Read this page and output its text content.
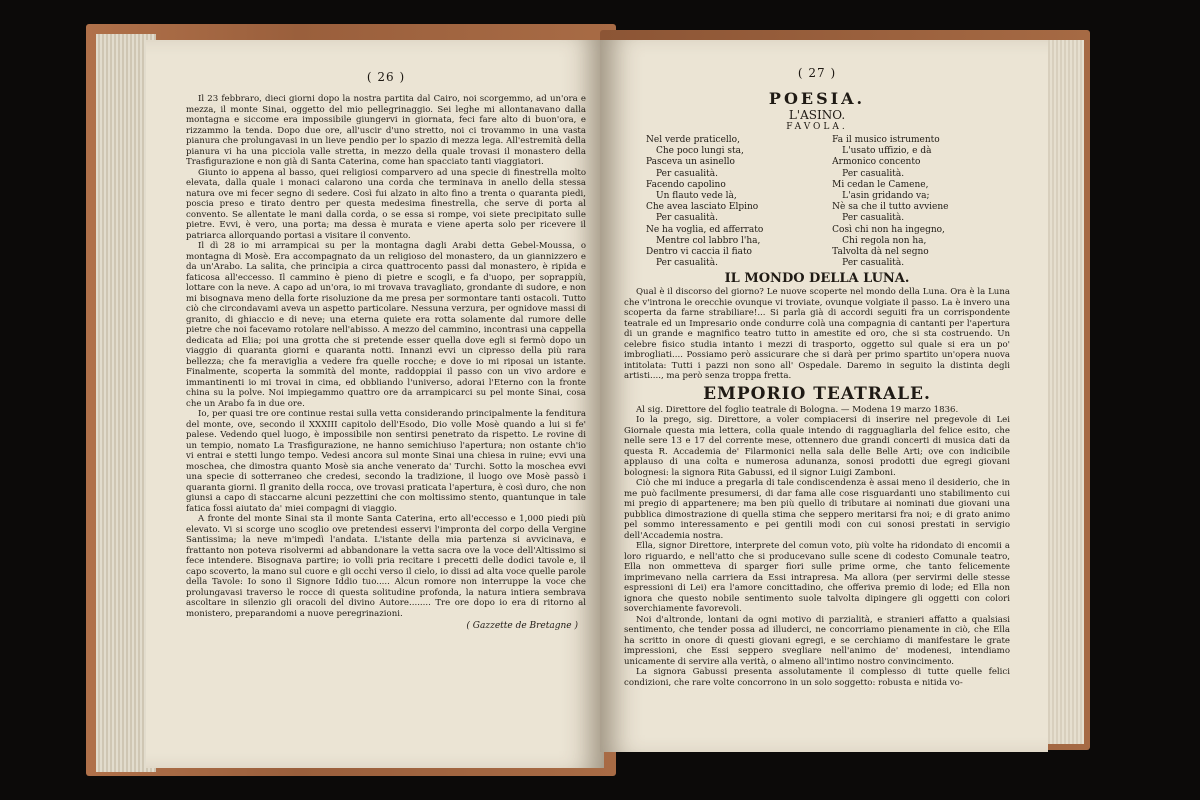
( 26 )

Il 23 febbraro, dieci giorni dopo la nostra partita dal Cairo, noi scorgemmo, ad un'ora e mezza, il monte Sinai, oggetto del mio pellegrinaggio. Sei leghe mi allontanavano dalla montagna e siccome era impossibile giungervi in giornata, feci fare alto di buon'ora, e rizzammo la tenda. Dopo due ore, all'uscir d'uno stretto, noi ci trovammo in una vasta pianura che prolungavasi in un lieve pendio per lo spazio di mezza lega. All'estremità della pianura vi ha una picciola valle stretta, in mezzo della quale trovasi il monastero della Trasfigurazione e non già di Santa Caterina, come han spacciato tanti viaggiatori.

Giunto io appena al basso, quei religiosi comparvero ad una specie di finestrella molto elevata, dalla quale i monaci calarono una corda che terminava in anello della stessa natura ove mi fecer segno di sedere. Così fui alzato in alto fino a trenta o quaranta piedi, poscia preso e tirato dentro per questa medesima finestrella, che serve di porta al convento. Se allentate le mani dalla corda, o se essa si rompe, voi siete precipitato sulle pietre. Evvi, è vero, una porta; ma dessa è murata e viene aperta solo per ricevere il patriarca allorquando portasi a visitare il convento.

Il dì 28 io mi arrampicai su per la montagna dagli Arabi detta Gebel-Moussa, o montagna di Mosè. Era accompagnato da un religioso del monastero, da un giannizzero e da un'Arabo. La salita, che principia a circa quattrocento passi dal monastero, è ripida e faticosa all'eccesso. Il cammino è pieno di pietre e scogli, e fa d'uopo, per soprappiù, lottare con la neve. A capo ad un'ora, io mi trovava travagliato, grondante di sudore, e non mi bisognava meno della forte risoluzione da me presa per sormontare tanti ostacoli. Tutto ciò che circondavami aveva un aspetto particolare. Nessuna verzura, per ognidove massi di granito, di ghiaccio e di neve; una eterna quiete era rotta solamente dal rumore delle pietre che noi facevamo rotolare nell'abisso. A mezzo del cammino, incontrasi una cappella dedicata ad Elia; poi una grotta che si pretende esser quella dove egli si fermò dopo un viaggio di quaranta giorni e quaranta notti. Innanzi evvi un cipresso della più rara bellezza; che fa meraviglia a vedere fra quelle rocche; e dove io mi riposai un istante. Finalmente, scoperta la sommità del monte, raddoppiai il passo con un vivo ardore e immantinenti io mi trovai in cima, ed obbliando l'universo, adorai l'Eterno con la fronte china su la polve. Noi impiegammo quattro ore da arrampicarci su pel monte Sinai, cosa che un Arabo fa in due ore.

Io, per quasi tre ore continue restai sulla vetta considerando principalmente la fenditura del monte, ove, secondo il XXXIII capitolo dell'Esodo, Dio volle Mosè quando a lui si fe' palese. Vedendo quel luogo, è impossibile non sentirsi penetrato da rispetto. Le rovine di un tempio, nomato La Trasfigurazione, ne hanno semichiuso l'apertura; non ostante ch'io vi entrai e stetti lungo tempo. Vedesi ancora sul monte Sinai una chiesa in ruine; evvi una moschea, che dimostra quanto Mosè sia anche venerato da' Turchi. Sotto la moschea evvi una specie di sotterraneo che credesi, secondo la tradizione, il luogo ove Mosè passò i quaranta giorni. Il granito della rocca, ove trovasi praticata l'apertura, è così duro, che non giunsi a capo di staccarne alcuni pezzettini che con moltissimo stento, quantunque in tale fatica fossi aiutato da' miei compagni di viaggio.

A fronte del monte Sinai sta il monte Santa Caterina, erto all'eccesso e 1,000 piedi più elevato. Vi si scorge uno scoglio ove pretendesi esservi l'impronta del corpo della Vergine Santissima; la neve m'impedì l'andata. L'istante della mia partenza si avvicinava, e frattanto non poteva risolvermi ad abbandonare la vetta sacra ove la voce dell'Altissimo si fece intendere. Bisognava partire; io volli pria recitare i precetti delle dodici tavole e, il capo scoverto, la mano sul cuore e gli occhi verso il cielo, io dissi ad alta voce quelle parole della Tavole: Io sono il Signore Iddio tuo..... Alcun romore non interruppe la voce che prolungavasi traverso le rocce di questa solitudine profonda, la natura intiera sembrava ascoltare in silenzio gli oracoli del divino Autore........ Tre ore dopo io era di ritorno al monistero, preparandomi a nuove peregrinazioni.

( Gazzette de Bretagne )
( 27 )
POESIA.
L'ASINO.
FAVOLA.
Nel verde praticello,
Che poco lungi sta,
Pasceva un asinello
Per casualità.
Facendo capolino
Un flauto vede là,
Che avea lasciato Elpino
Per casualità.
Ne ha voglia, ed afferrato
Mentre col labbro l'ha,
Dentro vi caccia il fiato
Per casualità.
Fa il musico istrumento
L'usato uffizio, e dà
Armonico concento
Per casualità.
Mi cedan le Camene,
L'asin gridando va;
Nè sa che il tutto avviene
Per casualità.
Così chi non ha ingegno,
Chi regola non ha,
Talvolta dà nel segno
Per casualità.
IL MONDO DELLA LUNA.

Qual è il discorso del giorno? Le nuove scoperte nel mondo della Luna. Ora è la Luna che v'introna le orecchie ovunque vi troviate, ovunque volgiate il passo. La è invero una scoperta da farne strabiliare!... Si parla già di accordi seguiti fra un corrispondente teatrale ed un Impresario onde condurre colà una compagnia di cantanti per l'apertura di un grande e magnifico teatro tutto in amestite ed oro, che si sta costruendo. Un celebre fisico studia intanto i mezzi di trasporto, oggetto sul quale si era un po' imbrogliati.... Possiamo però assicurare che si darà per primo spartito un'opera nuova intitolata: Tutti i pazzi non sono all' Ospedale. Daremo in seguito la distinta degli artisti...., ma però senza troppa fretta.

EMPORIO TEATRALE.

Al sig. Direttore del foglio teatrale di Bologna. — Modena 19 marzo 1836.

Io la prego, sig. Direttore, a voler compiacersi di inserire nel pregevole di Lei Giornale questa mia lettera, colla quale intendo di ragguagliarla del felice esito, che nelle sere 13 e 17 del corrente mese, ottennero due grandi concerti di musica dati da questa R. Accademia de' Filarmonici nella sala delle Belle Arti; ove con indicibile applauso di una colta e numerosa adunanza, sonosi prodotti due egregi giovani bolognesi: la signora Rita Gabussi, ed il signor Luigi Zamboni.

Ciò che mi induce a pregarla di tale condiscendenza è assai meno il desiderio, che in me può facilmente presumersi, di dar fama alle cose risguardanti uno stabilimento cui mi pregio di appartenere; ma ben più quello di tributare ai nominati due giovani una pubblica dimostrazione di quella stima che seppero meritarsi fra noi; e di grato animo pel sommo interessamento e pei gentili modi con cui sonosi prestati in servigio dell'Accademia nostra.

Ella, signor Direttore, interprete del comun voto, più volte ha ridondato di encomii a loro riguardo, e nell'atto che si producevano sulle scene di codesto Comunale teatro, Ella non ommetteva di sparger fiori sulle prime orme, che tanto felicemente imprimevano nella carriera da Essi intrapresa. Ma allora (per servirmi delle stesse espressioni di Lei) era l'amore concittadino, che offeriva premio di lode; ed Ella non ignora che questo nobile sentimento suole talvolta dipingere gli oggetti con colori soverchiamente favorevoli.

Noi d'altronde, lontani da ogni motivo di parzialità, e stranieri affatto a qualsiasi sentimento, che tender possa ad illuderci, ne concorriamo pienamente in ciò, che Ella ha scritto in onore di questi giovani egregi, e se cerchiamo di manifestare le grate impressioni, che Essi seppero svegliare nell'animo de' modenesi, intendiamo unicamente di servire alla verità, o almeno all'intimo nostro convincimento.

La signora Gabussi presenta assolutamente il complesso di tutte quelle felici condizioni, che rare volte concorrono in un solo soggetto: robusta e nitida vo-
